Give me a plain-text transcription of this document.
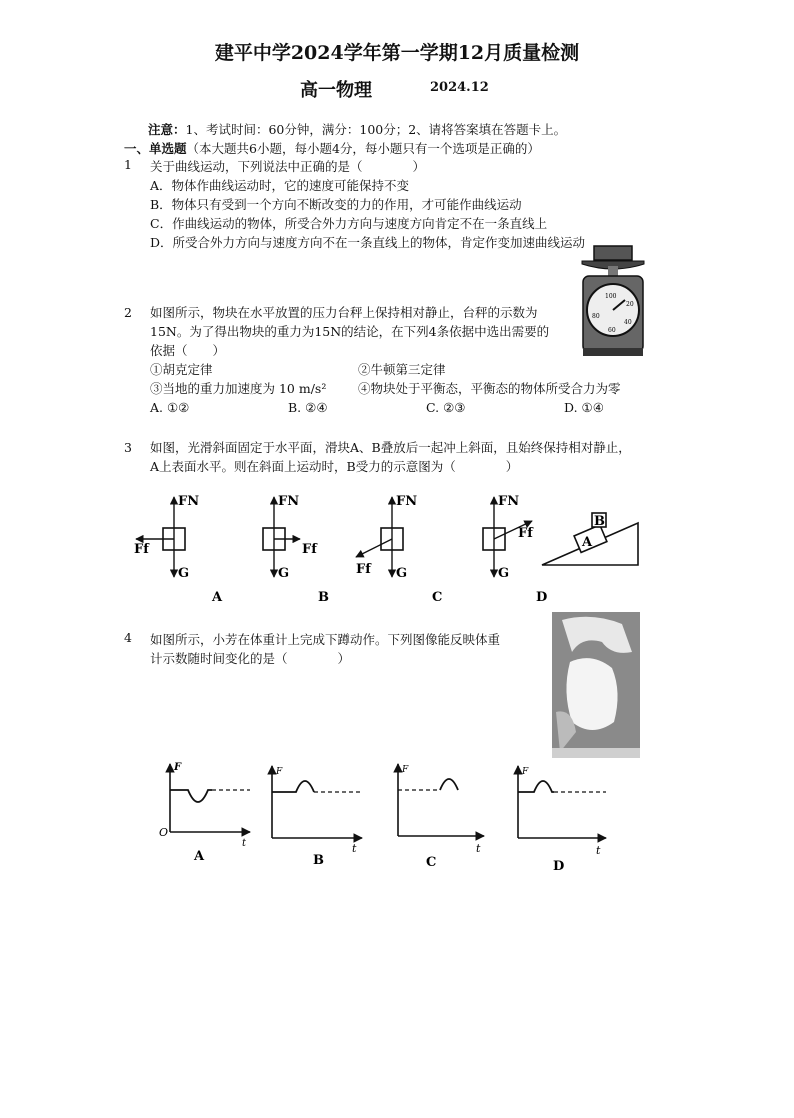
建平中学2024学年第一学期12月质量检测
高一物理	2024.12
注意：1、考试时间：60分钟，满分：100分；2、请将答案填在答题卡上。
一、单选题（本大题共6小题，每小题4分，每小题只有一个选项是正确的）
1 关于曲线运动，下列说法中正确的是（　　　　）
A．物体作曲线运动时，它的速度可能保持不变
B．物体只有受到一个方向不断改变的力的作用，才可能作曲线运动
C．作曲线运动的物体，所受合外力方向与速度方向肯定不在一条直线上
D．所受合外力方向与速度方向不在一条直线上的物体，肯定作变加速曲线运动
2 如图所示，物块在水平放置的压力台秤上保持相对静止，台秤的示数为
15N。为了得出物块的重力为15N的结论，在下列4条依据中选出需要的
依据（　　）
①胡克定律	②牛顿第三定律
③当地的重力加速度为 10 m/s²	④物块处于平衡态，平衡态的物体所受合力为零
A. ①②	B. ②④	C. ②③	D. ①④
100
20
40
60
80
3 如图，光滑斜面固定于水平面，滑块A、B叠放后一起冲上斜面，且始终保持相对静止，
A上表面水平。则在斜面上运动时，B受力的示意图为（　　　　）
FN
G
Ff
A
FN
G
Ff
B
FN
G
Ff
C
FN
G
Ff
D
A
B
4 如图所示，小芳在体重计上完成下蹲动作。下列图像能反映体重
计示数随时间变化的是（　　　　）
F
t
O
A
F
t
B
F
t
C
F
t
D
